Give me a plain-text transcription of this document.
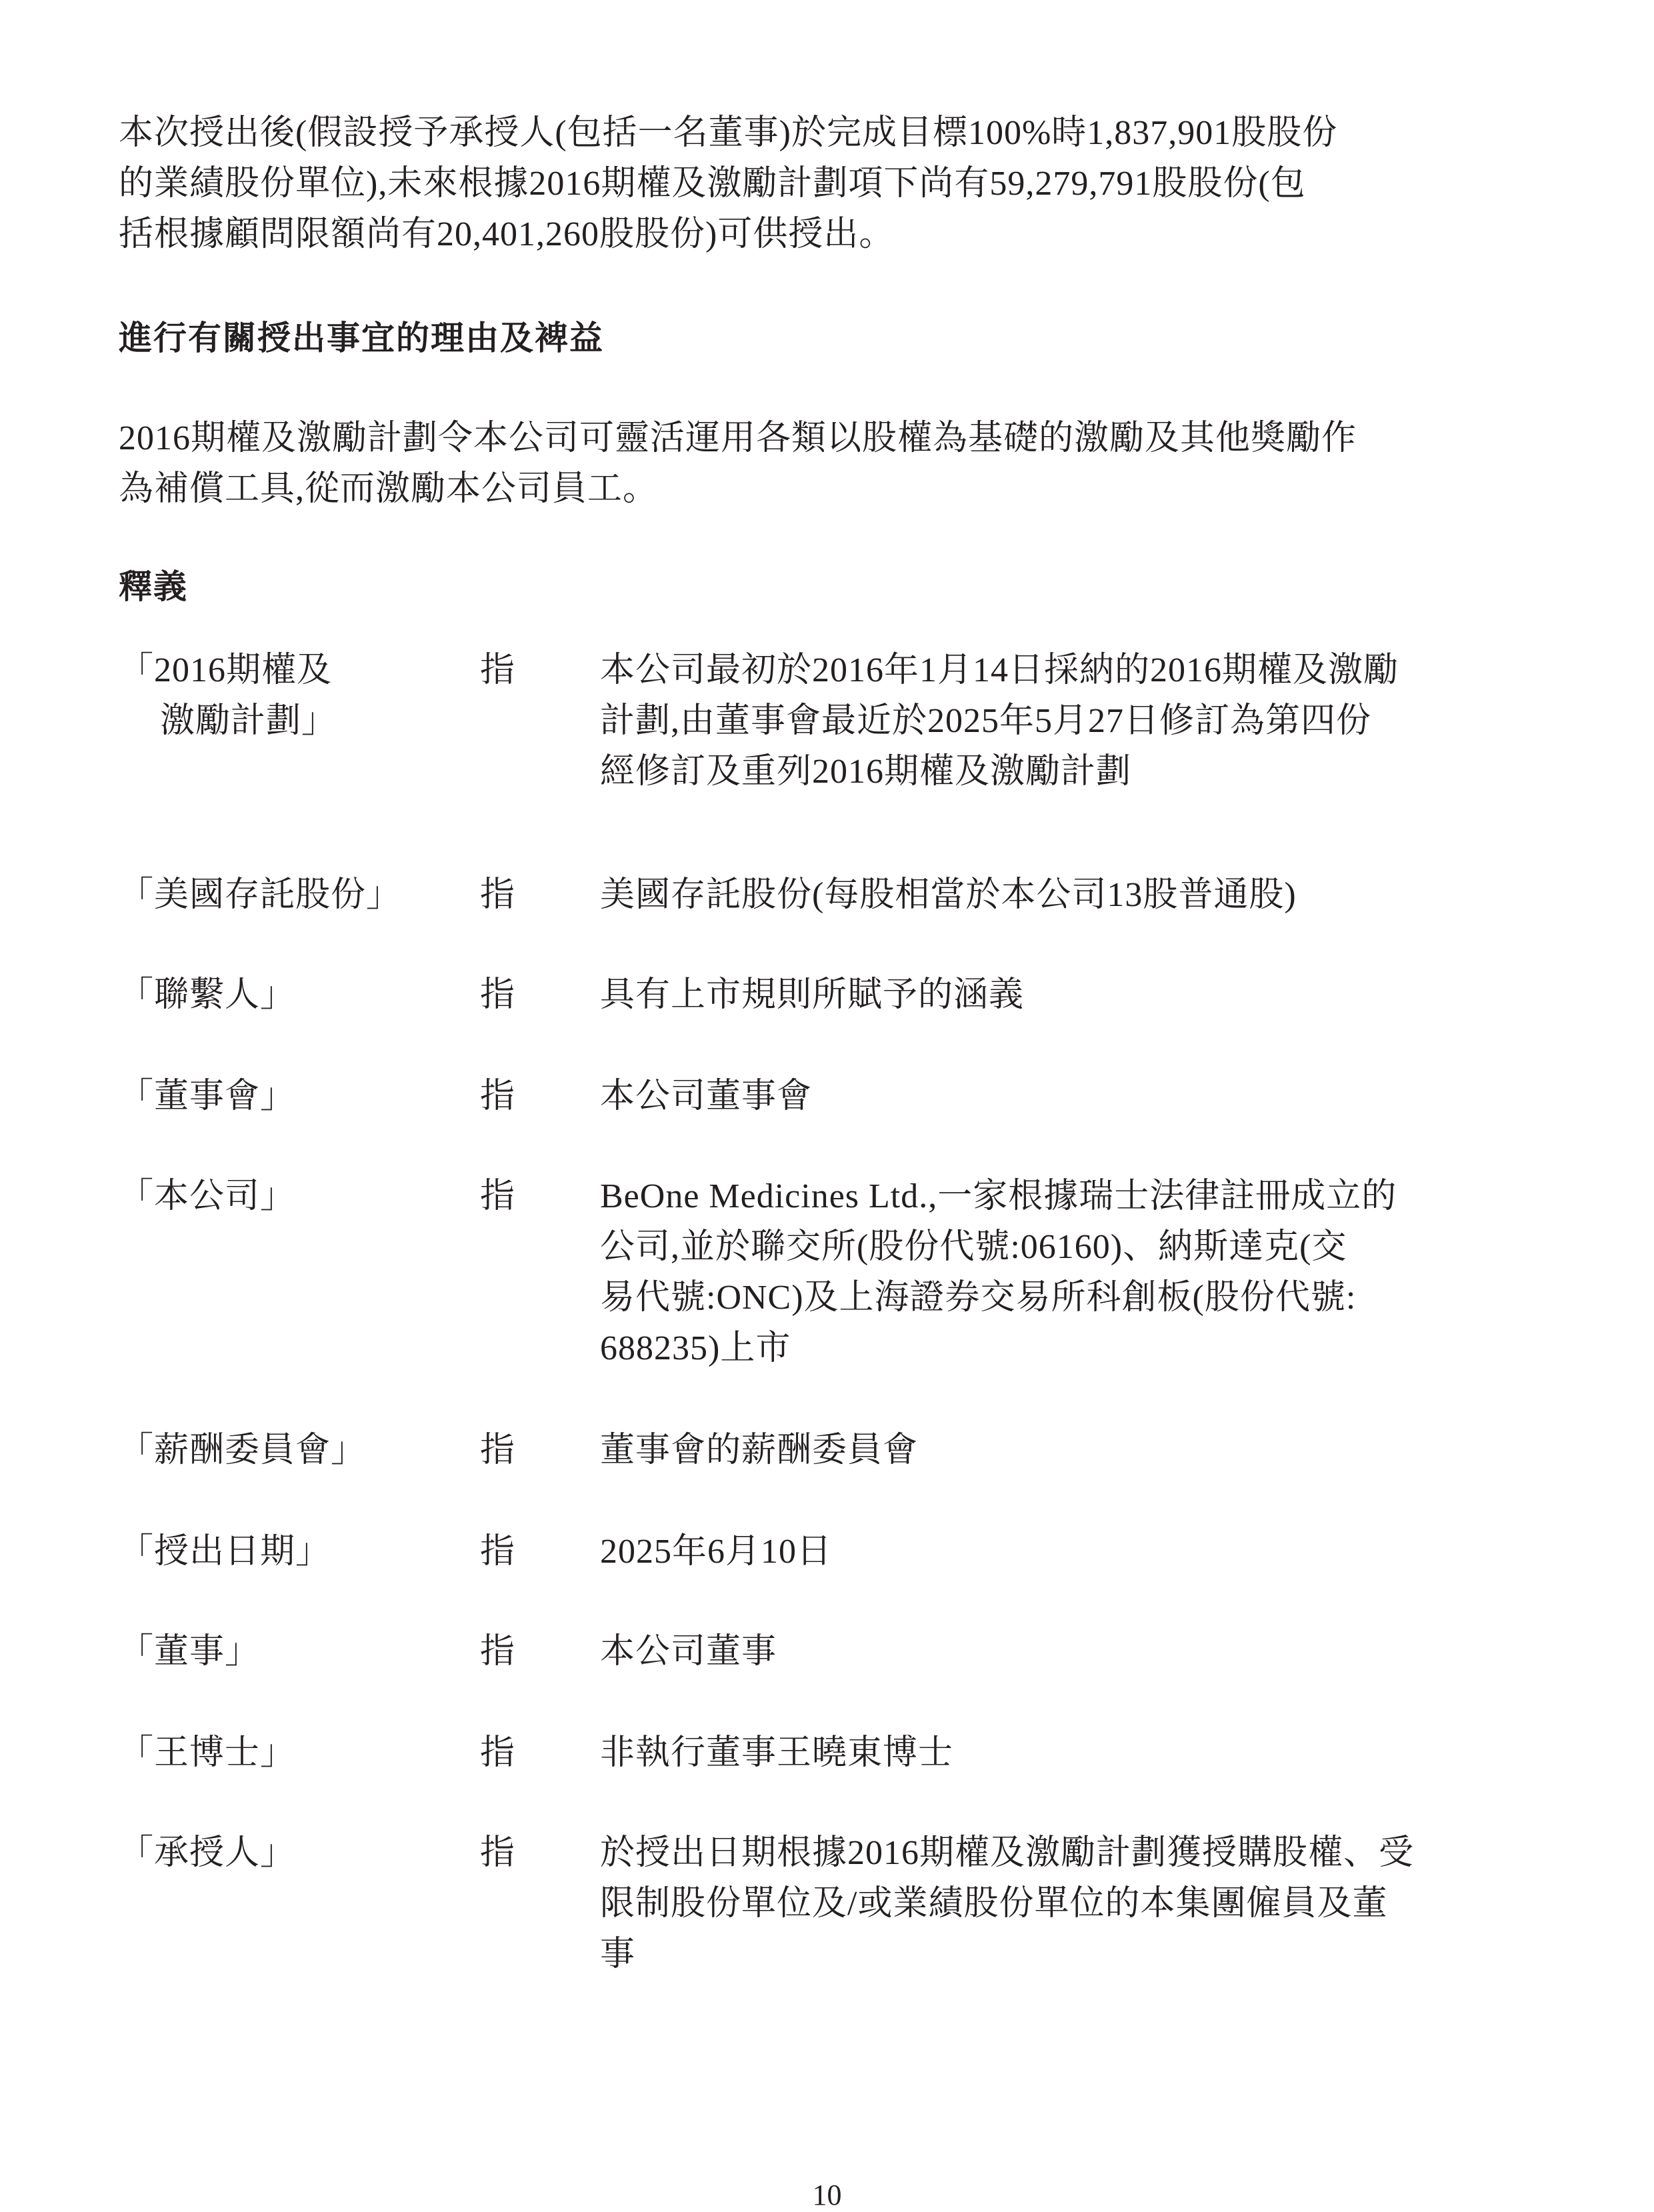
本次授出後(假設授予承授人(包括一名董事)於完成目標100%時1,837,901股股份
的業績股份單位),未來根據2016期權及激勵計劃項下尚有59,279,791股股份(包
括根據顧問限額尚有20,401,260股股份)可供授出。
進行有關授出事宜的理由及裨益
2016期權及激勵計劃令本公司可靈活運用各類以股權為基礎的激勵及其他獎勵作
為補償工具,從而激勵本公司員工。
釋義
「2016期權及
激勵計劃」
指 本公司最初於2016年1月14日採納的2016期權及激勵
計劃,由董事會最近於2025年5月27日修訂為第四份
經修訂及重列2016期權及激勵計劃
「美國存託股份」	指 美國存託股份(每股相當於本公司13股普通股)
「聯繫人」	指 具有上市規則所賦予的涵義
「董事會」	指 本公司董事會
「本公司」	指 BeOne Medicines Ltd.,一家根據瑞士法律註冊成立的
公司,並於聯交所(股份代號:06160)、納斯達克(交
易代號:ONC)及上海證券交易所科創板(股份代號:
688235)上市
「薪酬委員會」	指 董事會的薪酬委員會
「授出日期」	指 2025年6月10日
「董事」	指 本公司董事
「王博士」	指 非執行董事王曉東博士
「承授人」	指 於授出日期根據2016期權及激勵計劃獲授購股權、受
限制股份單位及/或業績股份單位的本集團僱員及董
事
10
